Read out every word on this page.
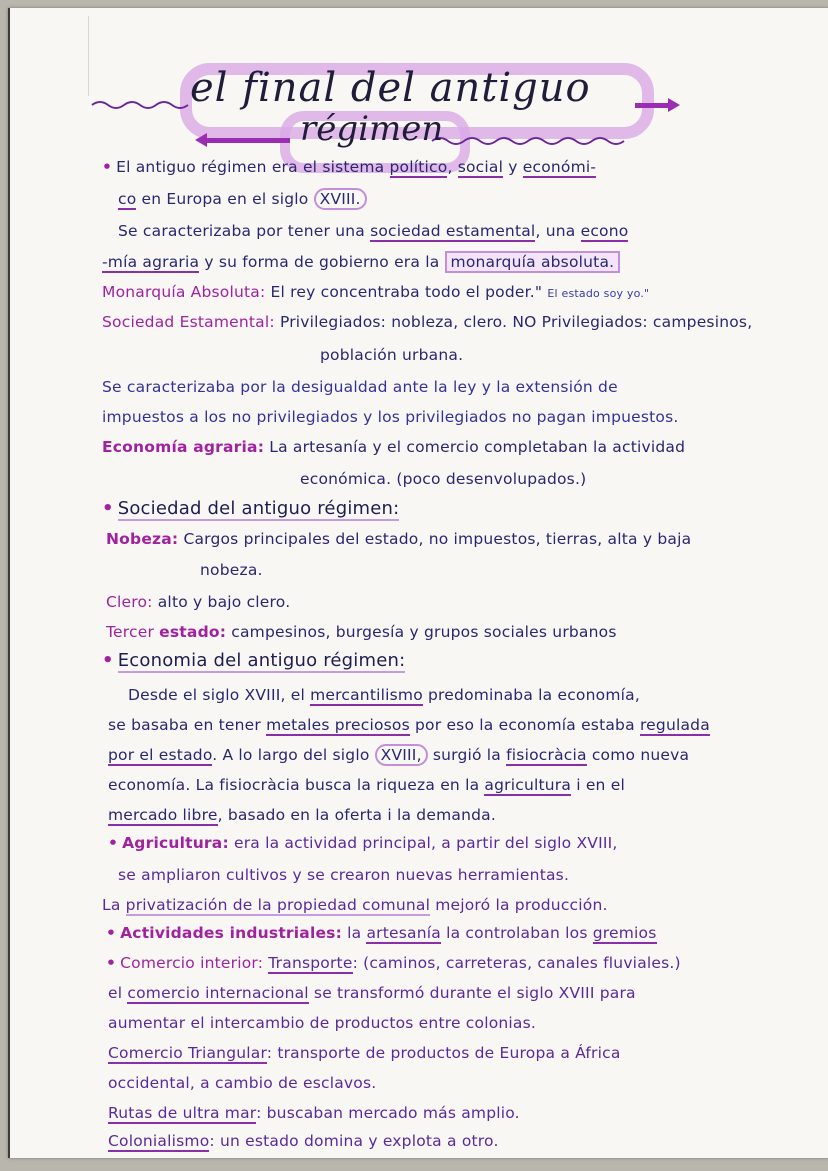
el final del antiguo
régimen
• El antiguo régimen era el sistema político, social y económi-
co en Europa en el siglo XVIII.
Se caracterizaba por tener una sociedad estamental, una econo
-mía agraria y su forma de gobierno era la monarquía absoluta.
Monarquía Absoluta: El rey concentraba todo el poder." El estado soy yo."
Sociedad Estamental: Privilegiados: nobleza, clero. NO Privilegiados: campesinos,
población urbana.
Se caracterizaba por la desigualdad ante la ley y la extensión de
impuestos a los no privilegiados y los privilegiados no pagan impuestos.
Economía agraria: La artesanía y el comercio completaban la actividad
económica. (poco desenvolupados.)
• Sociedad del antiguo régimen:
Nobeza: Cargos principales del estado, no impuestos, tierras, alta y baja
nobeza.
Clero: alto y bajo clero.
Tercer estado: campesinos, burgesía y grupos sociales urbanos
• Economia del antiguo régimen:
Desde el siglo XVIII, el mercantilismo predominaba la economía,
se basaba en tener metales preciosos por eso la economía estaba regulada
por el estado. A lo largo del siglo XVIII, surgió la fisiocràcia como nueva
economía. La fisiocràcia busca la riqueza en la agricultura i en el
mercado libre, basado en la oferta i la demanda.
• Agricultura: era la actividad principal, a partir del siglo XVIII,
se ampliaron cultivos y se crearon nuevas herramientas.
La privatización de la propiedad comunal mejoró la producción.
• Actividades industriales: la artesanía la controlaban los gremios
• Comercio interior: Transporte: (caminos, carreteras, canales fluviales.)
el comercio internacional se transformó durante el siglo XVIII para
aumentar el intercambio de productos entre colonias.
Comercio Triangular: transporte de productos de Europa a África
occidental, a cambio de esclavos.
Rutas de ultra mar: buscaban mercado más amplio.
Colonialismo: un estado domina y explota a otro.
